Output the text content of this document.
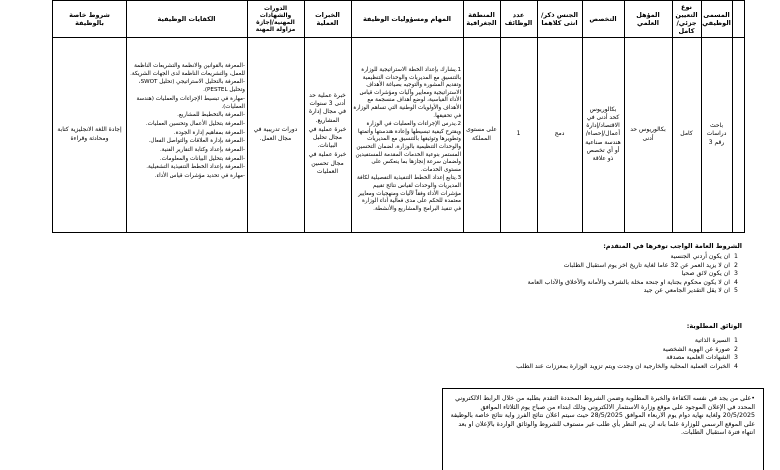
المسمى الوظيفي
نوع التعيين جزئي/كامل
المؤهل العلمي
التخصص
الجنس ذكر/انثى كلاهما
عدد الوظائف
المنطقة الجغرافية
المهام ومسؤوليات الوظيفة
الخبرات العملية
الدورات والشهادات المهنية/إجازة مزاولة المهنة
الكفايات الوظيفية
شروط خاصة بالوظيفة
باحث دراسات رقم 3
كامل
بكالوريوس حد أدنى
بكالوريوس كحد أدنى في الاقتصاد/إدارة أعمال/إحصاء/هندسة صناعية أو أي تخصص ذو علاقة
دمج
1
على مستوى المملكة
1.يشارك بإعداد الخطة الاستراتيجية للوزارة بالتنسيق مع المديريات والوحدات التنظيمية وتقديم المشورة والتوجيه بصياغة الأهداف الاستراتيجية ومعايير وآليات ومؤشرات قياس الأداء القياسية، لوضع أهداف منسجمة مع الأهداف والأولويات الوطنية التي تساهم الوزارة في تحقيقها.
2.يدرس الإجراءات والعمليات في الوزارة ويقترح كيفية تبسيطها وإعادة هندستها وأتمتها وتطويرها وتوثيقها بالتنسيق مع المديريات والوحدات التنظيمية بالوزارة، لضمان التحسين المستمر بنوعية الخدمات المقدمة للمستفيدين ولضمان سرعة إنجازها بما ينعكس على مستوى الخدمات.
3.يتابع إعداد الخطط التنفيذية التفصيلية لكافة المديريات والوحدات لقياس نتائج تقييم مؤشرات الأداء وفقاً لآليات ومنهجيات ومعايير معتمدة للحكم على مدى فعالية أداء الوزارة في تنفيذ البرامج والمشاريع والأنشطة.
خبرة عملية حد أدنى 3 سنوات في مجال إدارة المشاريع.
خبرة عملية في مجال تحليل البيانات.
خبرة عملية في مجال تحسين العمليات
دورات تدريبية في مجال العمل.
-المعرفة بالقوانين والانظمة والتشريعات الناظمة للعمل، والتشريعات الناظمة لدى الجهات الشريكة.
-المعرفة بالتحليل الاستراتيجي (تحليل SWOT، وتحليل PESTEL).
-مهارة في تبسيط الإجراءات والعمليات (هندسة العمليات).
-المعرفة بالتخطيط للمشاريع.
-المعرفة بتحليل الأعمال وتحسين العمليات.
-المعرفة بمفاهيم إدارة الجودة.
-المعرفة بإدارة العلاقات والتواصل الفعال.
-المعرفة بإعداد وكتابة التقارير الفنية.
-المعرفة بتحليل البيانات والمعلومات.
-المعرفة بإعداد الخطط التنفيذية التشغيلية.
-مهارة في تحديد مؤشرات قياس الأداء.
إجادة اللغة الانجليزية كتابة ومحادثة وقراءة
الشروط العامة الواجب توفرها في المتقدم:
1
ان يكون أردني الجنسية
2
ان لا يزيد العمر عن 32 عاما لغاية تاريخ اخر يوم استقبال الطلبات
3
ان يكون لائق صحيا
4
ان لا يكون محكوم بجناية او جنحة مخلة بالشرف والأمانة والأخلاق والآداب العامة
5
ان لا يقل التقدير الجامعي عن جيد
الوثائق المطلوبة:
1
السيرة الذاتية
2
صورة عن الهوية الشخصية
3
الشهادات العلمية مصدقة
4
الخبرات العملية المحلية والخارجية ان وجدت ويتم تزويد الوزارة بمعززات عند الطلب
•على من يجد في نفسه الكفاءة والخبرة المطلوبة وضمن الشروط المحددة التقدم بطلبه من خلال الرابط الالكتروني المحدد في الإعلان الموجود على موقع وزارة الاستثمار الالكتروني وذلك ابتداء من صباح يوم الثلاثاء الموافق 20/5/2025 ولغاية نهاية دوام يوم الاربعاء الموافق 28/5/2025 حيث سيتم اعلان نتائج الفرز واية نتائج خاصة بالوظيفة على الموقع الرسمي للوزارة علما بانه لن يتم النظر بأي طلب غير مستوف للشروط والوثائق الواردة بالإعلان او بعد انتهاء فترة استقبال الطلبات.
